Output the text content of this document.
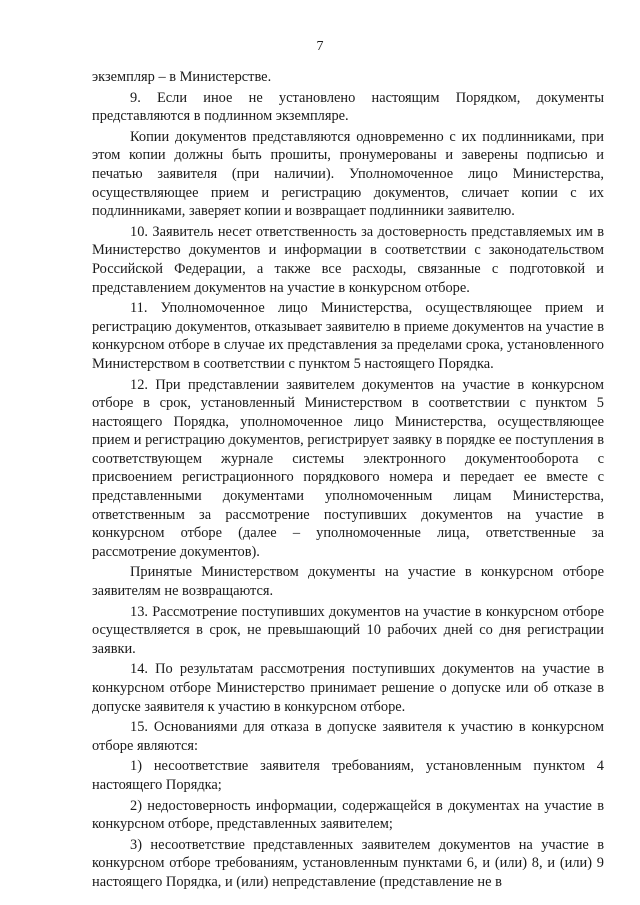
7

экземпляр – в Министерстве.

9. Если иное не установлено настоящим Порядком, документы представляются в подлинном экземпляре.

Копии документов представляются одновременно с их подлинниками, при этом копии должны быть прошиты, пронумерованы и заверены подписью и печатью заявителя (при наличии). Уполномоченное лицо Министерства, осуществляющее прием и регистрацию документов, сличает копии с их подлинниками, заверяет копии и возвращает подлинники заявителю.

10. Заявитель несет ответственность за достоверность представляемых им в Министерство документов и информации в соответствии с законодательством Российской Федерации, а также все расходы, связанные с подготовкой и представлением документов на участие в конкурсном отборе.

11. Уполномоченное лицо Министерства, осуществляющее прием и регистрацию документов, отказывает заявителю в приеме документов на участие в конкурсном отборе в случае их представления за пределами срока, установленного Министерством в соответствии с пунктом 5 настоящего Порядка.

12. При представлении заявителем документов на участие в конкурсном отборе в срок, установленный Министерством в соответствии с пунктом 5 настоящего Порядка, уполномоченное лицо Министерства, осуществляющее прием и регистрацию документов, регистрирует заявку в порядке ее поступления в соответствующем журнале системы электронного документооборота с присвоением регистрационного порядкового номера и передает ее вместе с представленными документами уполномоченным лицам Министерства, ответственным за рассмотрение поступивших документов на участие в конкурсном отборе (далее – уполномоченные лица, ответственные за рассмотрение документов).

Принятые Министерством документы на участие в конкурсном отборе заявителям не возвращаются.

13. Рассмотрение поступивших документов на участие в конкурсном отборе осуществляется в срок, не превышающий 10 рабочих дней со дня регистрации заявки.

14. По результатам рассмотрения поступивших документов на участие в конкурсном отборе Министерство принимает решение о допуске или об отказе в допуске заявителя к участию в конкурсном отборе.

15. Основаниями для отказа в допуске заявителя к участию в конкурсном отборе являются:

1) несоответствие заявителя требованиям, установленным пунктом 4 настоящего Порядка;

2) недостоверность информации, содержащейся в документах на участие в конкурсном отборе, представленных заявителем;

3) несоответствие представленных заявителем документов на участие в конкурсном отборе требованиям, установленным пунктами 6, и (или) 8, и (или) 9 настоящего Порядка, и (или) непредставление (представление не в
